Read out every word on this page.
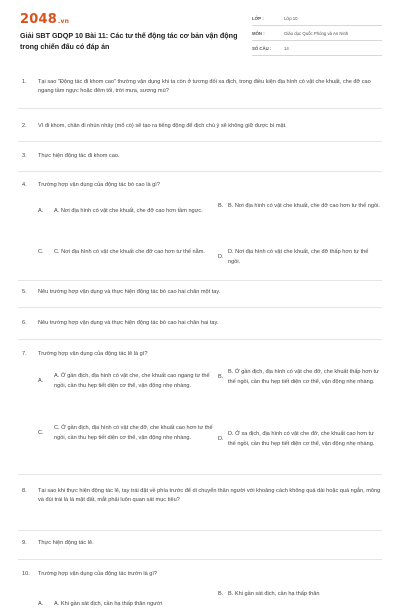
2048.vn
Giải SBT GDQP 10 Bài 11: Các tư thế động tác cơ bản vận động trong chiến đấu có đáp án
LỚP :	Lớp 10
MÔN :	Giáo dục Quốc Phòng và An Ninh
SỐ CÂU :	14
1.	Tại sao "Động tác đi khom cao" thường vận dụng khi ta còn ở tương đối xa địch, trong điều kiện địa hình có vật che khuất, che đỡ cao ngang tầm ngực hoặc đêm tối, trời mưa, sương mù?
2.	Vì đi khom, chân đi nhún nhảy (mổ cò) sẽ tạo ra tiếng động để địch chú ý sẽ không giữ được bí mật.
3.	Thực hiện động tác đi khom cao.
4.	Trường hợp vận dụng của động tác bò cao là gì?
A.	A. Nơi địa hình có vật che khuất, che đỡ cao hơn tầm ngực.
B. B. Nơi địa hình có vật che khuất, che đỡ cao hơn tư thế ngồi.
C.	C. Nơi địa hình có vật che khuất che đỡ cao hơn tư thế nằm.
D.
D. Nơi địa hình có vật che khuất, che đỡ thấp hơn tư thế ngồi.
5.	Nêu trường hợp vận dụng và thực hiện động tác bò cao hai chân một tay.
6.	Nêu trường hợp vận dụng và thực hiện động tác bò cao hai chân hai tay.
7.	Trường hợp vận dụng của động tác lê là gì?
A.
A. Ở gần địch, địa hình có vật che, che khuất cao ngang tư thế ngồi, cần thu hẹp tiết diện cơ thể, vận động nhẹ nhàng.
B.
B. Ở gần địch, địa hình có vật che đỡ, che khuất thấp hơn tư thế ngồi, cần thu hẹp tiết diện cơ thể, vận động nhẹ nhàng.
C.
C. Ở gần địch, địa hình có vật che đỡ, che khuất cao hơn tư thế ngồi, cần thu hẹp tiết diện cơ thể, vận động nhẹ nhàng.	D.
D. Ở xa địch, địa hình có vật che đỡ, che khuất cao hơn tư thế ngồi, cần thu hẹp tiết diện cơ thể, vận động nhẹ nhàng.
8.	Tại sao khi thực hiện động tác lê, tay trái đặt về phía trước để di chuyển thân người với khoảng cách không quá dài hoặc quá ngắn, mông và đùi trái là là mặt đất, mắt phải luôn quan sát mục tiêu?
9.	Thực hiện động tác lê.
10.	Trường hợp vận dụng của động tác trườn là gì?
A.	A. Khi gần sát địch, cần hạ thấp thân người
B. B. Khi gần sát địch, cần hạ thấp thân
